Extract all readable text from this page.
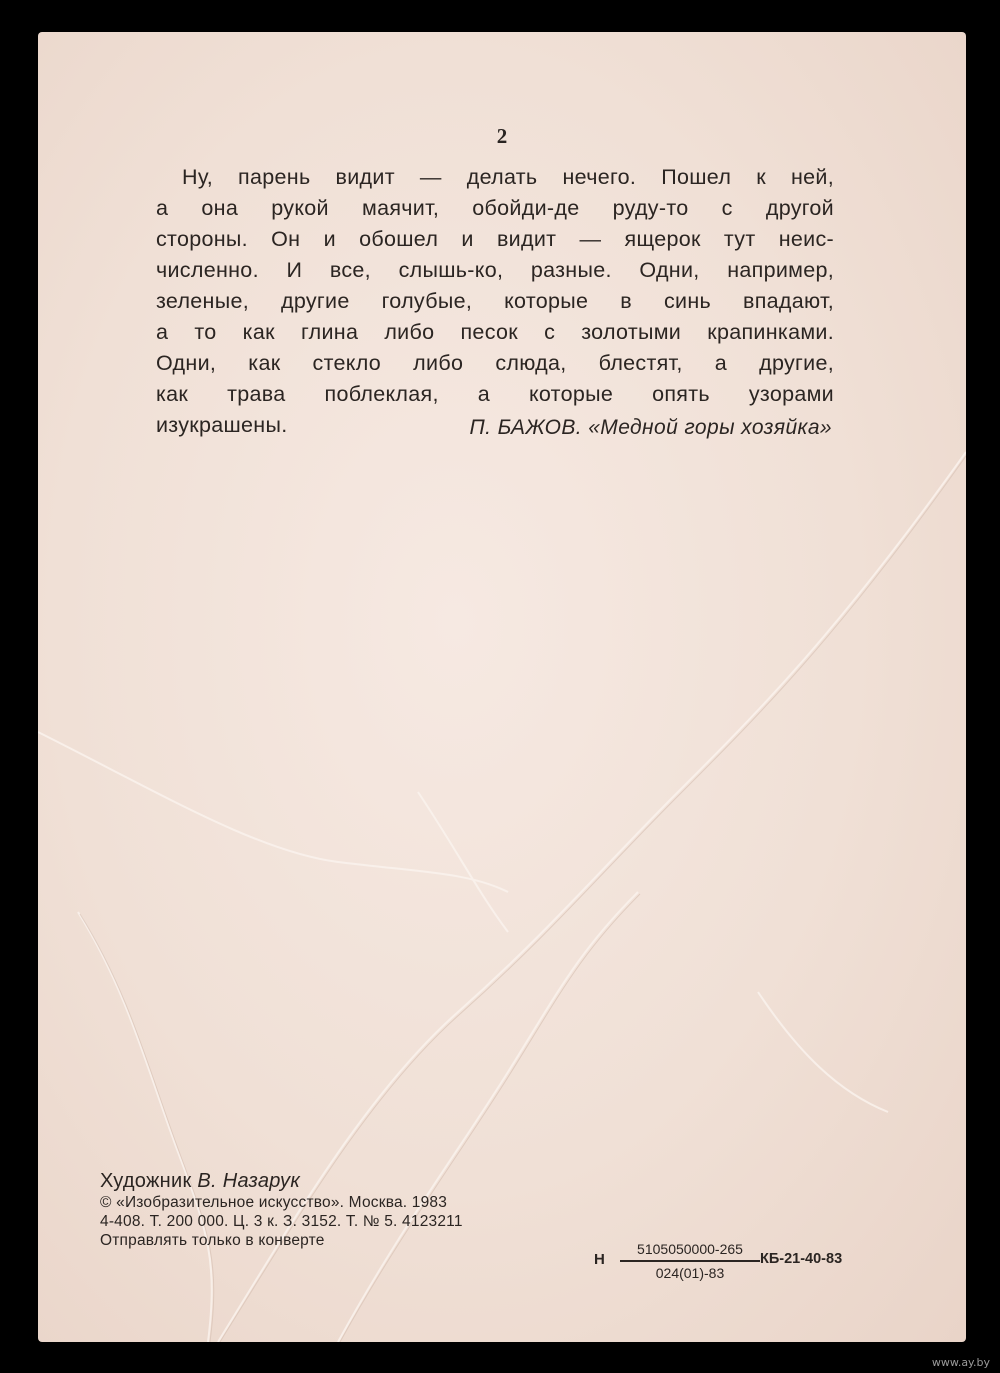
2
Ну, парень видит — делать нечего. Пошел к ней,
а она рукой маячит, обойди-де руду-то с другой
стороны. Он и обошел и видит — ящерок тут неис-
численно. И все, слышь-ко, разные. Одни, например,
зеленые, другие голубые, которые в синь впадают,
а то как глина либо песок с золотыми крапинками.
Одни, как стекло либо слюда, блестят, а другие,
как трава поблеклая, а которые опять узорами
изукрашены.	П. БАЖОВ. «Медной горы хозяйка»
Художник В. Назарук
© «Изобразительное искусство». Москва. 1983
4-408. Т. 200 000. Ц. 3 к. З. 3152. Т. № 5. 4123211
Отправлять только в конверте
Н
5105050000-265
024(01)-83
КБ-21-40-83
www.ay.by
